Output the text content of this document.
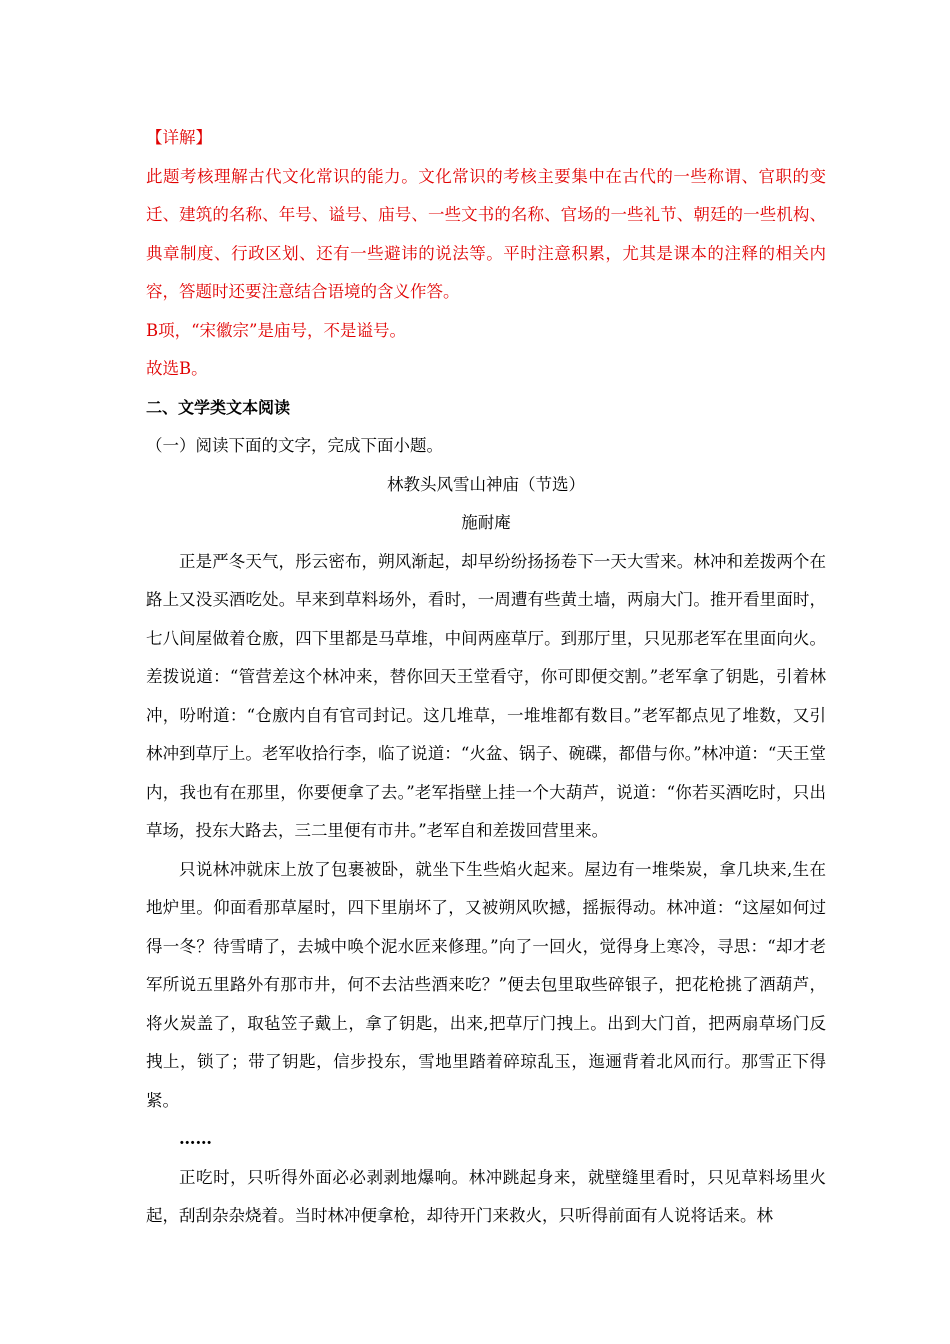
【详解】

此题考核理解古代文化常识的能力。文化常识的考核主要集中在古代的一些称谓、官职的变迁、建筑的名称、年号、谥号、庙号、一些文书的名称、官场的一些礼节、朝廷的一些机构、典章制度、行政区划、还有一些避讳的说法等。平时注意积累，尤其是课本的注释的相关内容，答题时还要注意结合语境的含义作答。

B项，“宋徽宗”是庙号，不是谥号。

故选B。

二、文学类文本阅读

（一）阅读下面的文字，完成下面小题。

林教头风雪山神庙（节选）

施耐庵

正是严冬天气，彤云密布，朔风渐起，却早纷纷扬扬卷下一天大雪来。林冲和差拨两个在路上又没买酒吃处。早来到草料场外，看时，一周遭有些黄土墙，两扇大门。推开看里面时，七八间屋做着仓廒，四下里都是马草堆，中间两座草厅。到那厅里，只见那老军在里面向火。差拨说道：“管营差这个林冲来，替你回天王堂看守，你可即便交割。”老军拿了钥匙，引着林冲，吩咐道：“仓廒内自有官司封记。这几堆草，一堆堆都有数目。”老军都点见了堆数，又引林冲到草厅上。老军收拾行李，临了说道：“火盆、锅子、碗碟，都借与你。”林冲道：“天王堂内，我也有在那里，你要便拿了去。”老军指壁上挂一个大葫芦，说道：“你若买酒吃时，只出草场，投东大路去，三二里便有市井。”老军自和差拨回营里来。

只说林冲就床上放了包裹被卧，就坐下生些焰火起来。屋边有一堆柴炭，拿几块来,生在地炉里。仰面看那草屋时，四下里崩坏了，又被朔风吹撼，摇振得动。林冲道：“这屋如何过得一冬？待雪晴了，去城中唤个泥水匠来修理。”向了一回火，觉得身上寒冷，寻思：“却才老军所说五里路外有那市井，何不去沽些酒来吃？”便去包里取些碎银子，把花枪挑了酒葫芦，将火炭盖了，取毡笠子戴上，拿了钥匙，出来,把草厅门拽上。出到大门首，把两扇草场门反拽上，锁了；带了钥匙，信步投东，雪地里踏着碎琼乱玉，迤逦背着北风而行。那雪正下得紧。

……

正吃时，只听得外面必必剥剥地爆响。林冲跳起身来，就壁缝里看时，只见草料场里火起，刮刮杂杂烧着。当时林冲便拿枪，却待开门来救火，只听得前面有人说将话来。林
